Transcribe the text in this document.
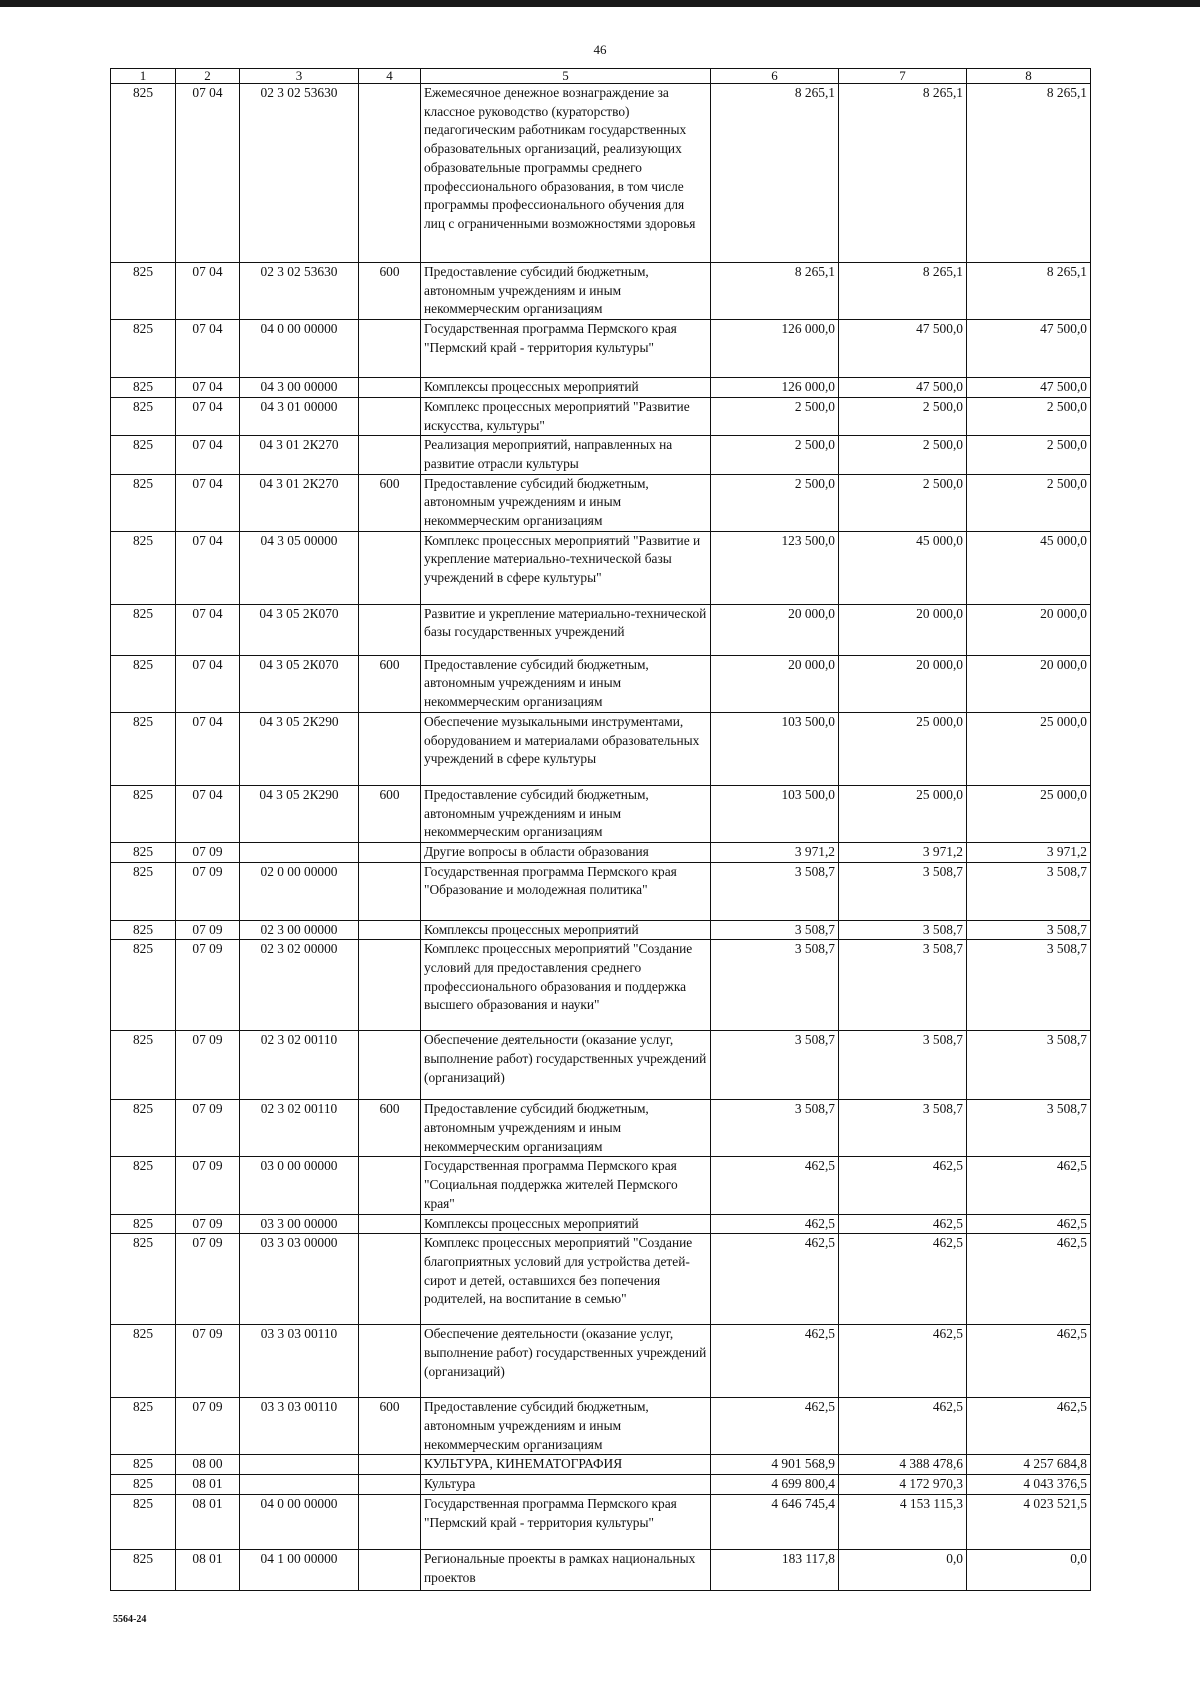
46
1	2	3	4	5	6	7	8
825	07 04	02 3 02 53630		Ежемесячное денежное вознаграждение за классное руководство (кураторство) педагогическим работникам государственных образовательных организаций, реализующих образовательные программы среднего профессионального образования, в том числе программы профессионального обучения для лиц с ограниченными возможностями здоровья	8 265,1	8 265,1	8 265,1
825	07 04	02 3 02 53630	600	Предоставление субсидий бюджетным, автономным учреждениям и иным некоммерческим организациям	8 265,1	8 265,1	8 265,1
825	07 04	04 0 00 00000		Государственная программа Пермского края "Пермский край - территория культуры"	126 000,0	47 500,0	47 500,0
825	07 04	04 3 00 00000		Комплексы процессных мероприятий	126 000,0	47 500,0	47 500,0
825	07 04	04 3 01 00000		Комплекс процессных мероприятий "Развитие искусства, культуры"	2 500,0	2 500,0	2 500,0
825	07 04	04 3 01 2К270		Реализация мероприятий, направленных на развитие отрасли культуры	2 500,0	2 500,0	2 500,0
825	07 04	04 3 01 2К270	600	Предоставление субсидий бюджетным, автономным учреждениям и иным некоммерческим организациям	2 500,0	2 500,0	2 500,0
825	07 04	04 3 05 00000		Комплекс процессных мероприятий "Развитие и укрепление материально-технической базы учреждений в сфере культуры"	123 500,0	45 000,0	45 000,0
825	07 04	04 3 05 2К070		Развитие и укрепление материально-технической базы государственных учреждений	20 000,0	20 000,0	20 000,0
825	07 04	04 3 05 2К070	600	Предоставление субсидий бюджетным, автономным учреждениям и иным некоммерческим организациям	20 000,0	20 000,0	20 000,0
825	07 04	04 3 05 2К290		Обеспечение музыкальными инструментами, оборудованием и материалами образовательных учреждений в сфере культуры	103 500,0	25 000,0	25 000,0
825	07 04	04 3 05 2К290	600	Предоставление субсидий бюджетным, автономным учреждениям и иным некоммерческим организациям	103 500,0	25 000,0	25 000,0
825	07 09			Другие вопросы в области образования	3 971,2	3 971,2	3 971,2
825	07 09	02 0 00 00000		Государственная программа Пермского края "Образование и молодежная политика"	3 508,7	3 508,7	3 508,7
825	07 09	02 3 00 00000		Комплексы процессных мероприятий	3 508,7	3 508,7	3 508,7
825	07 09	02 3 02 00000		Комплекс процессных мероприятий "Создание условий для предоставления среднего профессионального образования и поддержка высшего образования и науки"	3 508,7	3 508,7	3 508,7
825	07 09	02 3 02 00110		Обеспечение деятельности (оказание услуг, выполнение работ) государственных учреждений (организаций)	3 508,7	3 508,7	3 508,7
825	07 09	02 3 02 00110	600	Предоставление субсидий бюджетным, автономным учреждениям и иным некоммерческим организациям	3 508,7	3 508,7	3 508,7
825	07 09	03 0 00 00000		Государственная программа Пермского края "Социальная поддержка жителей Пермского края"	462,5	462,5	462,5
825	07 09	03 3 00 00000		Комплексы процессных мероприятий	462,5	462,5	462,5
825	07 09	03 3 03 00000		Комплекс процессных мероприятий "Создание благоприятных условий для устройства детей-сирот и детей, оставшихся без попечения родителей, на воспитание в семью"	462,5	462,5	462,5
825	07 09	03 3 03 00110		Обеспечение деятельности (оказание услуг, выполнение работ) государственных учреждений (организаций)	462,5	462,5	462,5
825	07 09	03 3 03 00110	600	Предоставление субсидий бюджетным, автономным учреждениям и иным некоммерческим организациям	462,5	462,5	462,5
825	08 00			КУЛЬТУРА, КИНЕМАТОГРАФИЯ	4 901 568,9	4 388 478,6	4 257 684,8
825	08 01			Культура	4 699 800,4	4 172 970,3	4 043 376,5
825	08 01	04 0 00 00000		Государственная программа Пермского края "Пермский край - территория культуры"	4 646 745,4	4 153 115,3	4 023 521,5
825	08 01	04 1 00 00000		Региональные проекты в рамках национальных проектов	183 117,8	0,0	0,0
5564-24
